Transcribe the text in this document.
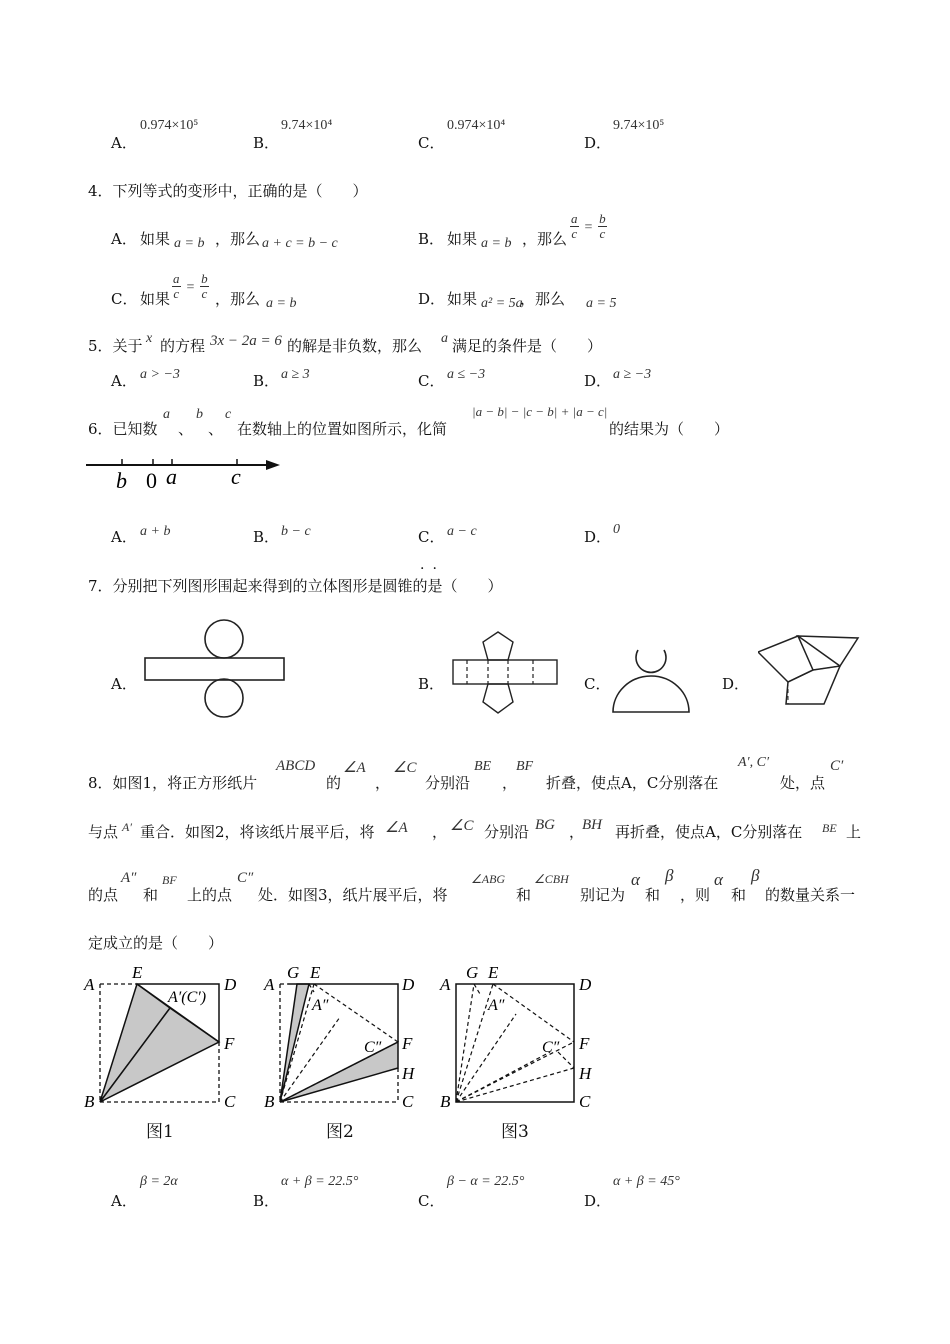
A．
0.974×10⁵
B．
9.74×10⁴
C．
0.974×10⁴
D．
9.74×10⁵
4．下列等式的变形中，正确的是（　　）
A． 如果 a = b ，那么 a + c = b − c	B． 如果 a = b ，那么 $\frac{a}{c} = \frac{b}{c}$
C． 如果 $\frac{a}{c} = \frac{b}{c}$ ，那么 a = b	D． 如果 a² = 5a
，那么 a = 5
5．关于 x 的方程 3x − 2a = 6 的解是非负数，那么 a 满足的条件是（　　）
A． a > −3	B． a ≥ 3	C． a ≤ −3	D． a ≥ −3
6．已知数
a
、
b
、
c
在数轴上的位置如图所示，化简
|a − b| − |c − b| + |a − c|
的结果为（　　）
b 0 a c
A． a + b	B． b − c	C． a − c	D． 0
7．分别把下列图形围起来得到的立体图形是圆锥的是（　　）
··
A．	B．	C．	D．
8．如图1，将正方形纸片
ABCD
的
∠A
，
∠C
分别沿
BE
，
BF
折叠，使点A，C分别落在
A′, C′
处，点
C′
与点 A′ 重合．如图2，将该纸片展平后，将 ∠A ， ∠C 分别沿 BG ，
BH 再折叠，使点A，C分别落在 BE 上
的点
A″
和
BF
上的点
C″
处．如图3，纸片展平后，将
∠ABG
和
∠CBH
别记为
α
和
β
，则
α
和
β
的数量关系一
定成立的是（　　）
A
E
D
A′(C′)
F
B	C
图1
A
G E
D
A″
C″ F
H
B	C
图2
A
G E
D
A″
C″ F
H
B	C
图3
A．
β = 2α
B．
α + β = 22.5°
C．
β − α = 22.5°
D．
α + β = 45°
